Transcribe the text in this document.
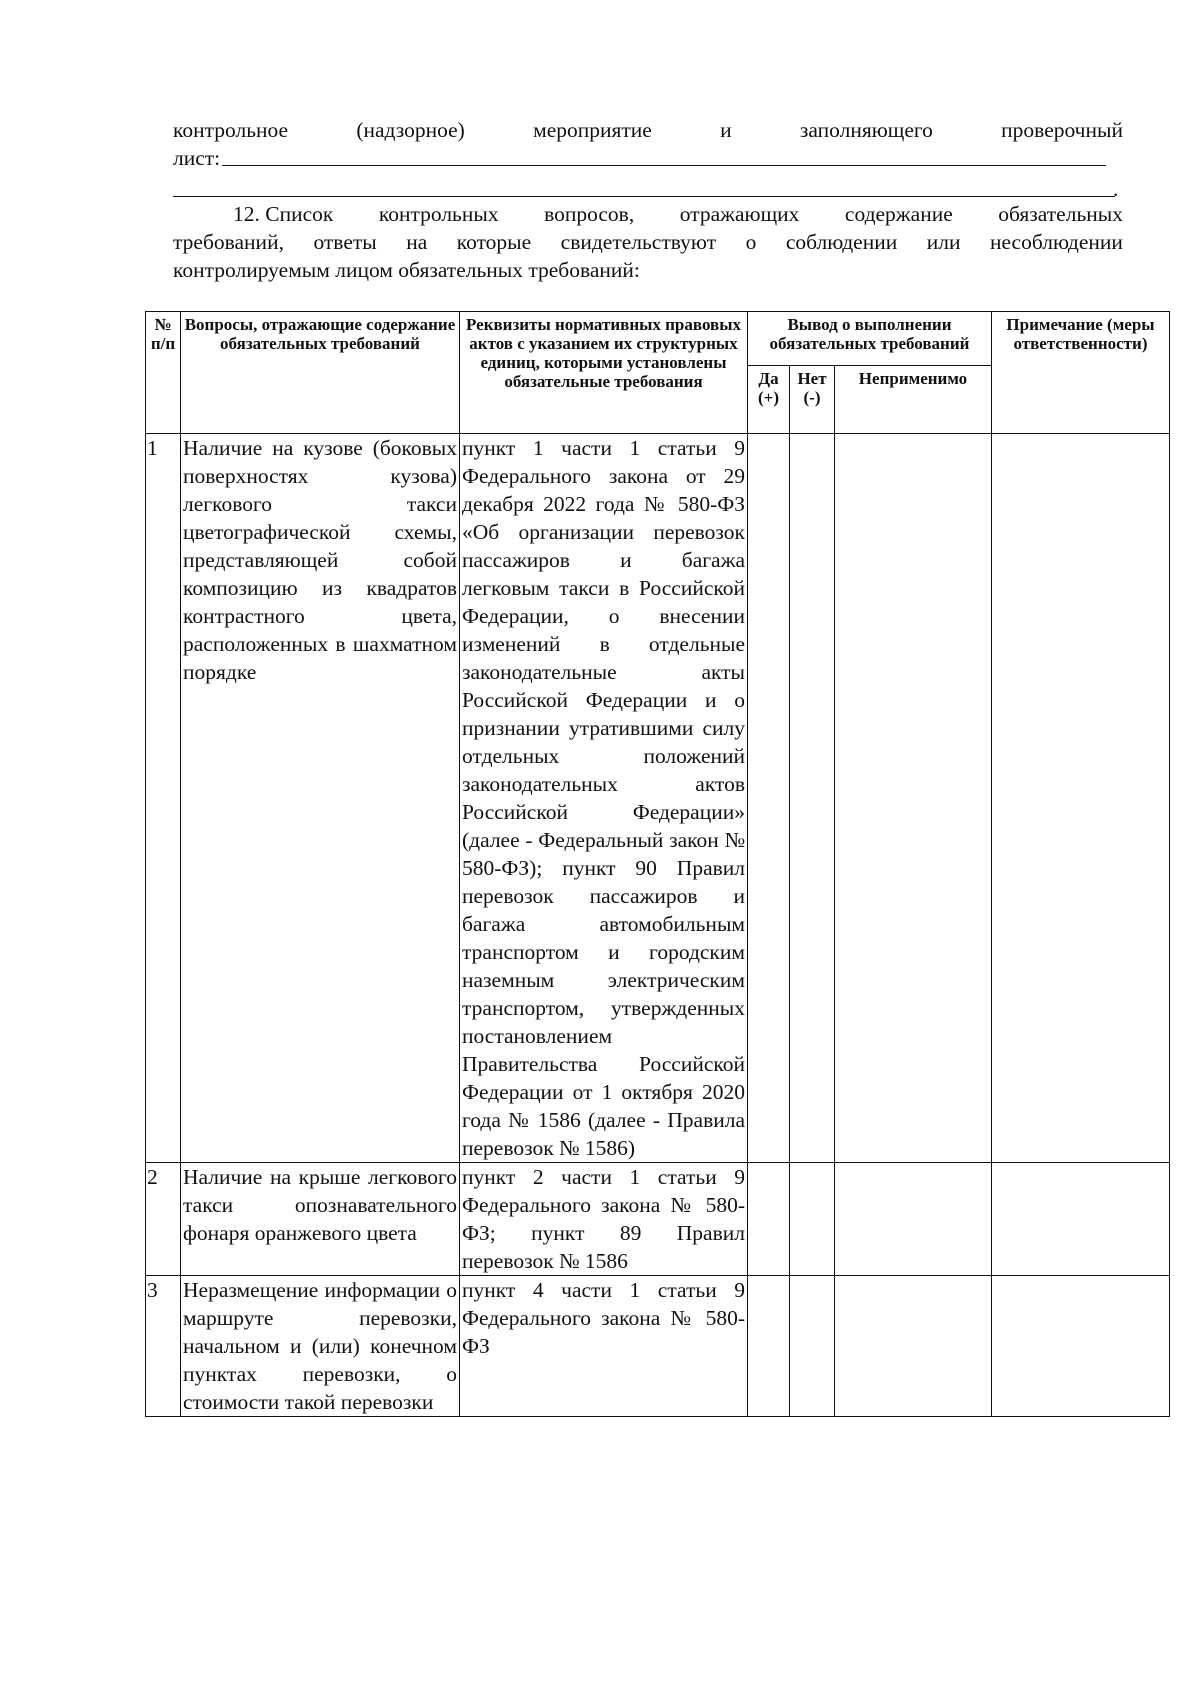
контрольное	(надзорное)	мероприятие	и	заполняющего	проверочный
лист:
.
12. Список контрольных вопросов, отражающих содержание обязательных
требований, ответы на которые свидетельствуют о соблюдении или несоблюдении
контролируемым лицом обязательных требований:
№ п/п	Вопросы, отражающие содержание обязательных требований	Реквизиты нормативных правовых актов с указанием их структурных единиц, которыми установлены обязательные требования	Вывод о выполнении обязательных требований			Примечание (меры ответственности)
			Да (+)	Нет (-)	Неприменимо	
1	Наличие на кузове (боковых поверхностях кузова) легкового такси цветографической схемы, представляющей собой композицию из квадратов контрастного цвета, расположенных в шахматном порядке	пункт 1 части 1 статьи 9 Федерального закона от 29 декабря 2022 года № 580-ФЗ «Об организации перевозок пассажиров и багажа легковым такси в Российской Федерации, о внесении изменений в отдельные законодательные акты Российской Федерации и о признании утратившими силу отдельных положений законодательных актов Российской Федерации» (далее - Федеральный закон № 580-ФЗ); пункт 90 Правил перевозок пассажиров и багажа автомобильным транспортом и городским наземным электрическим транспортом, утвержденных постановлением Правительства Российской Федерации от 1 октября 2020 года № 1586 (далее - Правила перевозок № 1586)				
2	Наличие на крыше легкового такси опознавательного фонаря оранжевого цвета	пункт 2 части 1 статьи 9 Федерального закона № 580-ФЗ; пункт 89 Правил перевозок № 1586				
3	Неразмещение информации о маршруте перевозки, начальном и (или) конечном пунктах перевозки, о стоимости такой перевозки	пункт 4 части 1 статьи 9 Федерального закона № 580-ФЗ				
